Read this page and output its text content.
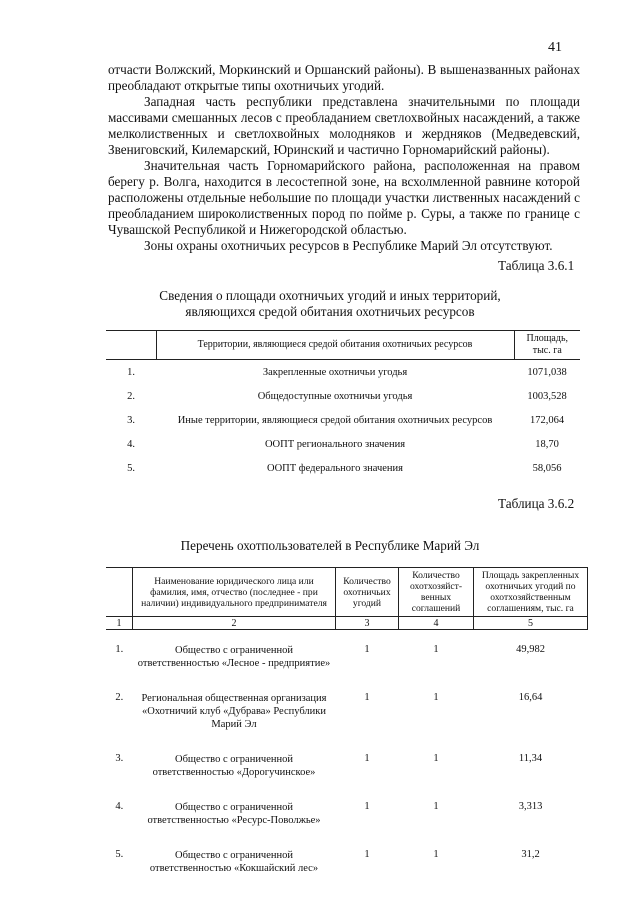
41

отчасти Волжский, Моркинский и Оршанский районы). В вышеназванных районах преобладают открытые типы охотничьих угодий.

Западная часть республики представлена значительными по площади массивами смешанных лесов с преобладанием светлохвойных насаждений, а также мелколиственных и светлохвойных молодняков и жердняков (Медведевский, Звениговский, Килемарский, Юринский и частично Горномарийский районы).

Значительная часть Горномарийского района, расположенная на правом берегу р. Волга, находится в лесостепной зоне, на всхолмленной равнине которой расположены отдельные небольшие по площади участки лиственных насаждений с преобладанием широколиственных пород по пойме р. Суры, а также по границе с Чувашской Республикой и Нижегородской областью.

Зоны охраны охотничьих ресурсов в Республике Марий Эл отсутствуют.

Таблица 3.6.1
Сведения о площади охотничьих угодий и иных территорий,
являющихся средой обитания охотничьих ресурсов
	Территории, являющиеся средой обитания охотничьих ресурсов	Площадь, тыс. га
1.	Закрепленные охотничьи угодья	1071,038
2.	Общедоступные охотничьи угодья	1003,528
3.	Иные территории, являющиеся средой обитания охотничьих ресурсов	172,064
4.	ООПТ регионального значения	18,70
5.	ООПТ федерального значения	58,056
Таблица 3.6.2
Перечень охотпользователей в Республике Марий Эл
	Наименование юридического лица или фамилия, имя, отчество (последнее - при наличии) индивидуального предпринимателя	Количество охотничьих угодий	Количество охотхозяйст-венных соглашений	Площадь закрепленных охотничьих угодий по охотхозяйственным соглашениям, тыс. га
1	2	3	4	5
1.	Общество с ограниченной ответственностью «Лесное - предприятие»	1	1	49,982
2.	Региональная общественная организация «Охотничий клуб «Дубрава» Республики Марий Эл	1	1	16,64
3.	Общество с ограниченной ответственностью «Дорогучинское»	1	1	11,34
4.	Общество с ограниченной ответственностью «Ресурс-Поволжье»	1	1	3,313
5.	Общество с ограниченной ответственностью «Кокшайский лес»	1	1	31,2
